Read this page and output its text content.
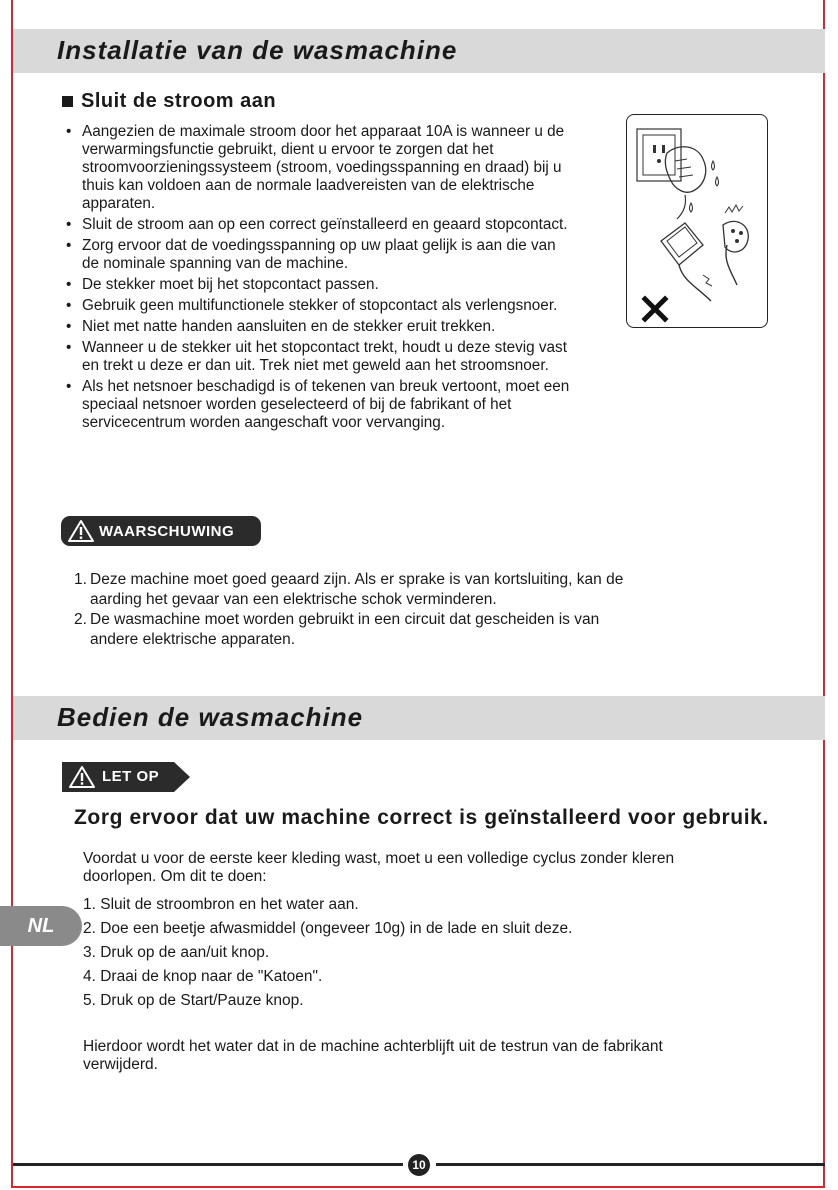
Installatie van de wasmachine
Sluit de stroom aan
• Aangezien de maximale stroom door het apparaat 10A is wanneer u de verwarmingsfunctie gebruikt, dient u ervoor te zorgen dat het stroomvoorzieningssysteem (stroom, voedingsspanning en draad) bij u thuis kan voldoen aan de normale laadvereisten van de elektrische apparaten.
• Sluit de stroom aan op een correct geïnstalleerd en geaard stopcontact.
• Zorg ervoor dat de voedingsspanning op uw plaat gelijk is aan die van de nominale spanning van de machine.
• De stekker moet bij het stopcontact passen.
• Gebruik geen multifunctionele stekker of stopcontact als verlengsnoer.
• Niet met natte handen aansluiten en de stekker eruit trekken.
• Wanneer u de stekker uit het stopcontact trekt, houdt u deze stevig vast en trekt u deze er dan uit. Trek niet met geweld aan het stroomsnoer.
• Als het netsnoer beschadigd is of tekenen van breuk vertoont, moet een speciaal netsnoer worden geselecteerd of bij de fabrikant of het servicecentrum worden aangeschaft voor vervanging.
WAARSCHUWING
1. Deze machine moet goed geaard zijn. Als er sprake is van kortsluiting, kan de aarding het gevaar van een elektrische schok verminderen.
2. De wasmachine moet worden gebruikt in een circuit dat gescheiden is van andere elektrische apparaten.
Bedien de wasmachine
LET OP
Zorg ervoor dat uw machine correct is geïnstalleerd voor gebruik.

Voordat u voor de eerste keer kleding wast, moet u een volledige cyclus zonder kleren doorlopen. Om dit te doen:

1. Sluit de stroombron en het water aan.
2. Doe een beetje afwasmiddel (ongeveer 10g) in de lade en sluit deze.
3. Druk op de aan/uit knop.
4. Draai de knop naar de "Katoen".
5. Druk op de Start/Pauze knop.

Hierdoor wordt het water dat in de machine achterblijft uit de testrun van de fabrikant verwijderd.

NL
10
